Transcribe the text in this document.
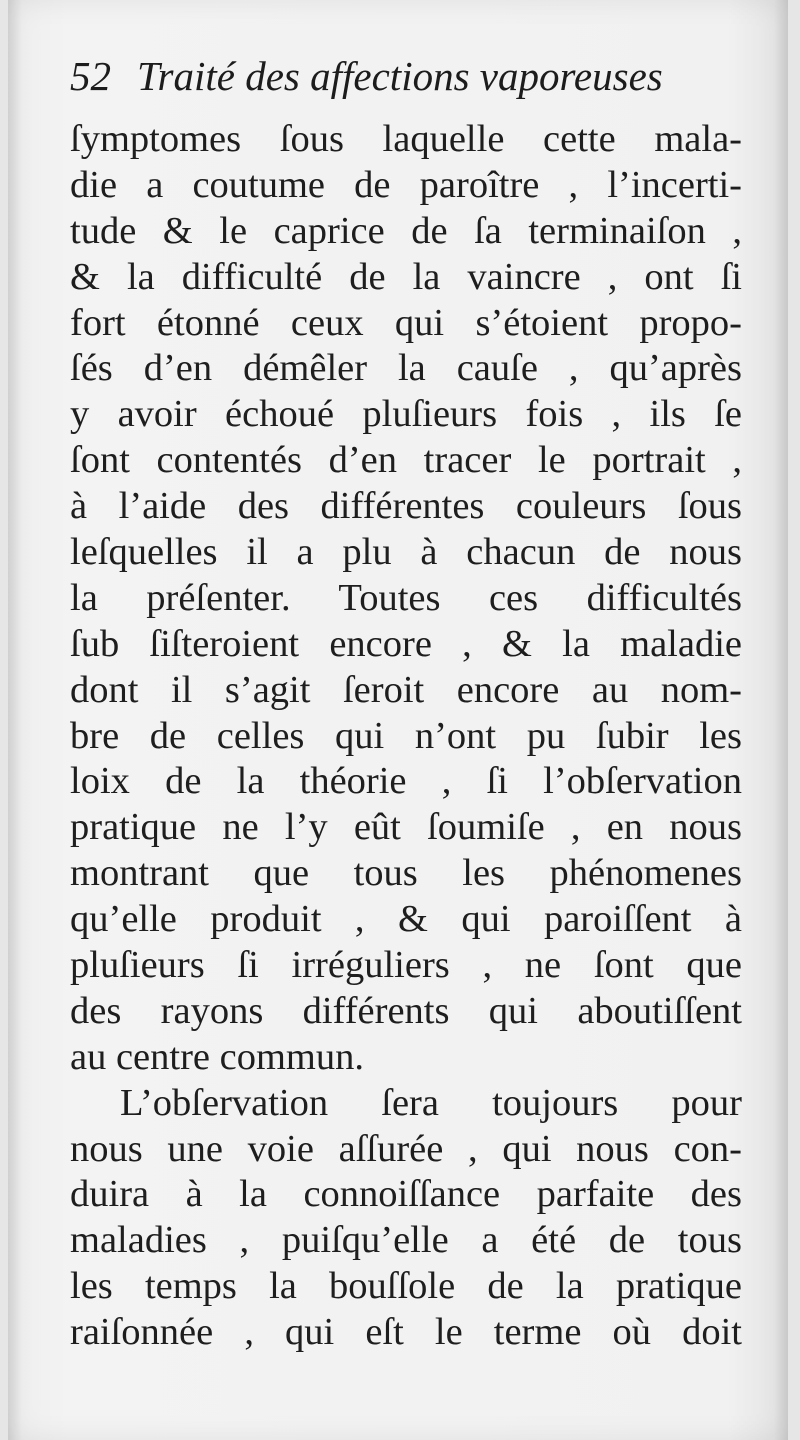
52 Traité des affections vaporeuses
ſymptomes ſous laquelle cette mala-
die a coutume de paroître , l’incerti-
tude & le caprice de ſa terminaiſon ,
& la difficulté de la vaincre , ont ſi
fort étonné ceux qui s’étoient propo-
ſés d’en démêler la cauſe , qu’après
y avoir échoué pluſieurs fois , ils ſe
ſont contentés d’en tracer le portrait ,
à l’aide des différentes couleurs ſous
leſquelles il a plu à chacun de nous
la préſenter. Toutes ces difficultés
ſub ſiſteroient encore , & la maladie
dont il s’agit ſeroit encore au nom-
bre de celles qui n’ont pu ſubir les
loix de la théorie , ſi l’obſervation
pratique ne l’y eût ſoumiſe , en nous
montrant que tous les phénomenes
qu’elle produit , & qui paroiſſent à
pluſieurs ſi irréguliers , ne ſont que
des rayons différents qui aboutiſſent
au centre commun.
L’obſervation ſera toujours pour
nous une voie aſſurée , qui nous con-
duira à la connoiſſance parfaite des
maladies , puiſqu’elle a été de tous
les temps la bouſſole de la pratique
raiſonnée , qui eſt le terme où doit
